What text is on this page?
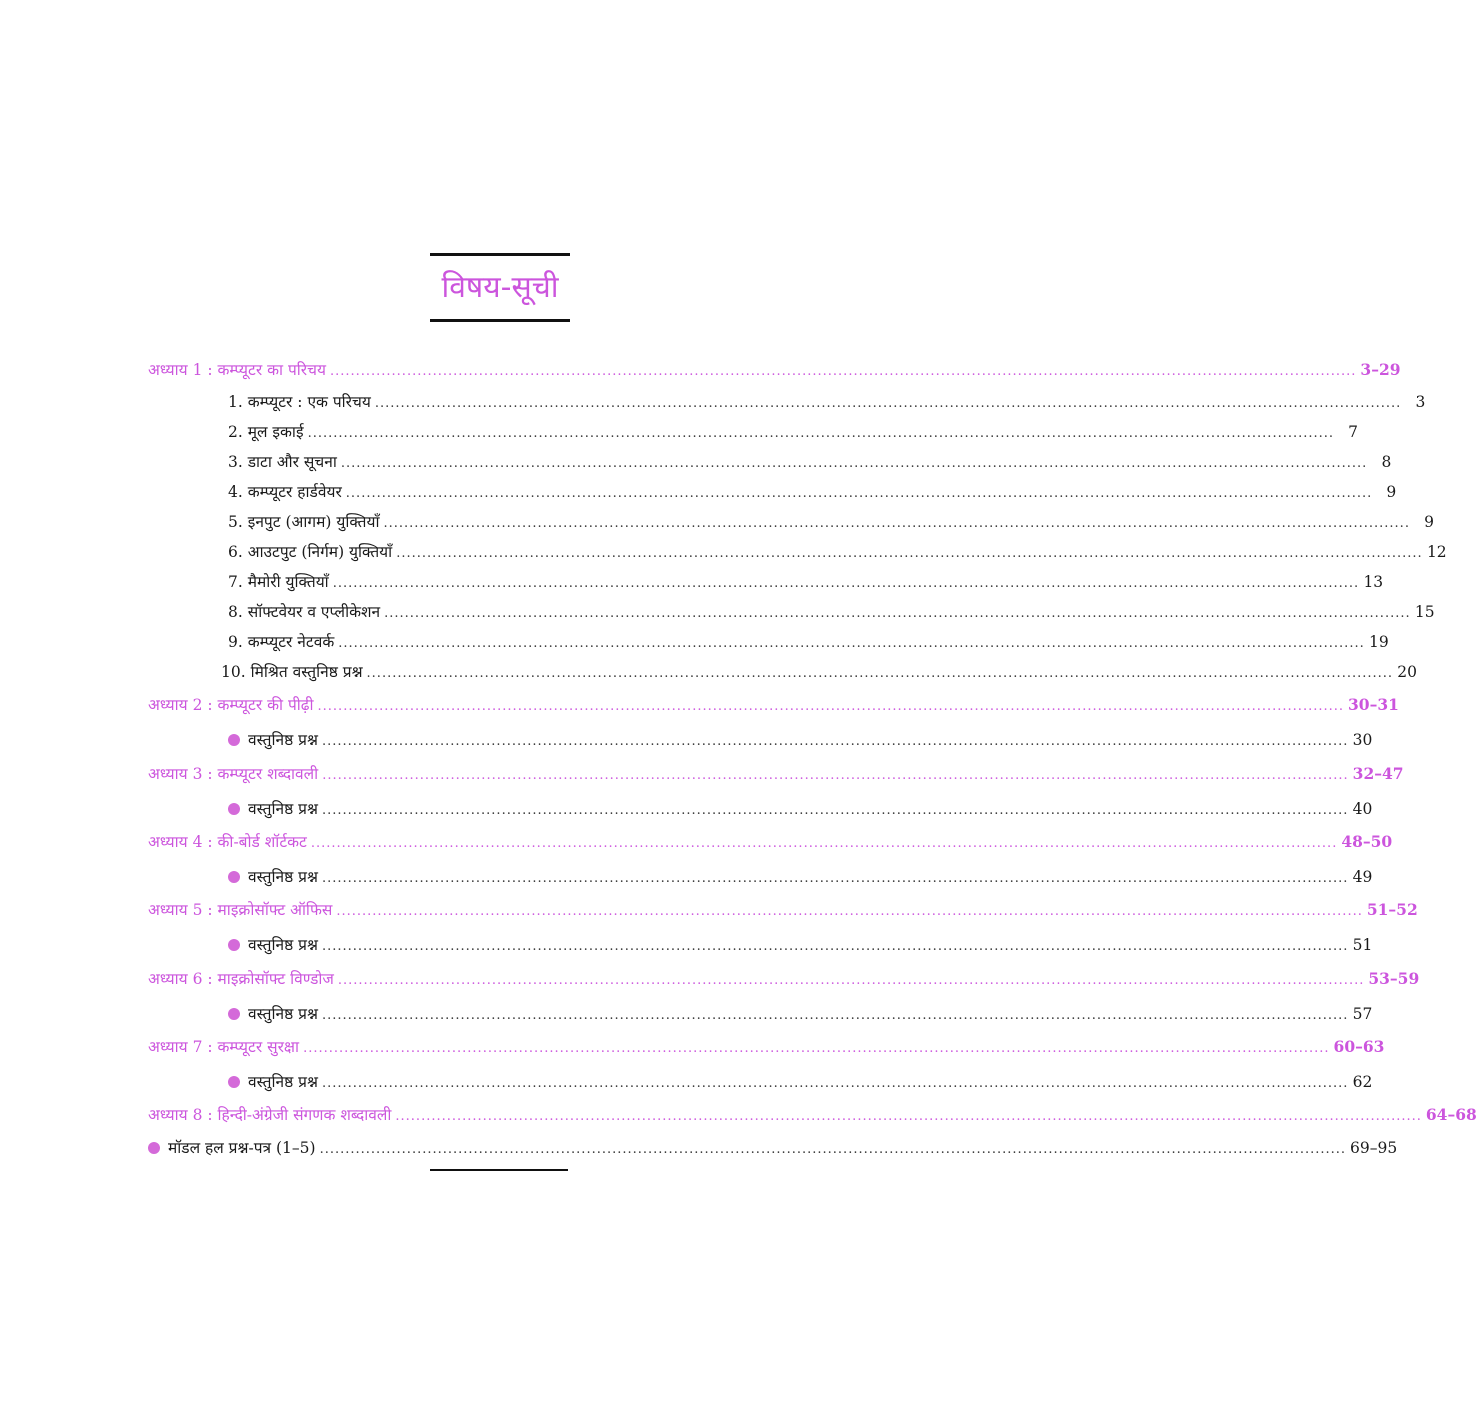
विषय-सूची
अध्याय 1 : कम्प्यूटर का परिचय ........................................................................................................................................................................................................ 3–29
1. कम्प्यूटर : एक परिचय ........................................................................................................................................................................................................ 3
2. मूल इकाई ........................................................................................................................................................................................................ 7
3. डाटा और सूचना ........................................................................................................................................................................................................ 8
4. कम्प्यूटर हार्डवेयर ........................................................................................................................................................................................................ 9
5. इनपुट (आगम) युक्तियाँ ........................................................................................................................................................................................................ 9
6. आउटपुट (निर्गम) युक्तियाँ ........................................................................................................................................................................................................ 12
7. मैमोरी युक्तियाँ ........................................................................................................................................................................................................ 13
8. सॉफ्टवेयर व एप्लीकेशन ........................................................................................................................................................................................................ 15
9. कम्प्यूटर नेटवर्क ........................................................................................................................................................................................................ 19
10. मिश्रित वस्तुनिष्ठ प्रश्न ........................................................................................................................................................................................................ 20
अध्याय 2 : कम्प्यूटर की पीढ़ी ........................................................................................................................................................................................................ 30–31
वस्तुनिष्ठ प्रश्न ........................................................................................................................................................................................................ 30
अध्याय 3 : कम्प्यूटर शब्दावली ........................................................................................................................................................................................................ 32–47
वस्तुनिष्ठ प्रश्न ........................................................................................................................................................................................................ 40
अध्याय 4 : की-बोर्ड शॉर्टकट ........................................................................................................................................................................................................ 48–50
वस्तुनिष्ठ प्रश्न ........................................................................................................................................................................................................ 49
अध्याय 5 : माइक्रोसॉफ्ट ऑफिस ........................................................................................................................................................................................................ 51–52
वस्तुनिष्ठ प्रश्न ........................................................................................................................................................................................................ 51
अध्याय 6 : माइक्रोसॉफ्ट विण्डोज ........................................................................................................................................................................................................ 53–59
वस्तुनिष्ठ प्रश्न ........................................................................................................................................................................................................ 57
अध्याय 7 : कम्प्यूटर सुरक्षा ........................................................................................................................................................................................................ 60–63
वस्तुनिष्ठ प्रश्न ........................................................................................................................................................................................................ 62
अध्याय 8 : हिन्दी-अंग्रेजी संगणक शब्दावली ........................................................................................................................................................................................................ 64–68
मॉडल हल प्रश्न-पत्र (1–5) ........................................................................................................................................................................................................ 69–95
